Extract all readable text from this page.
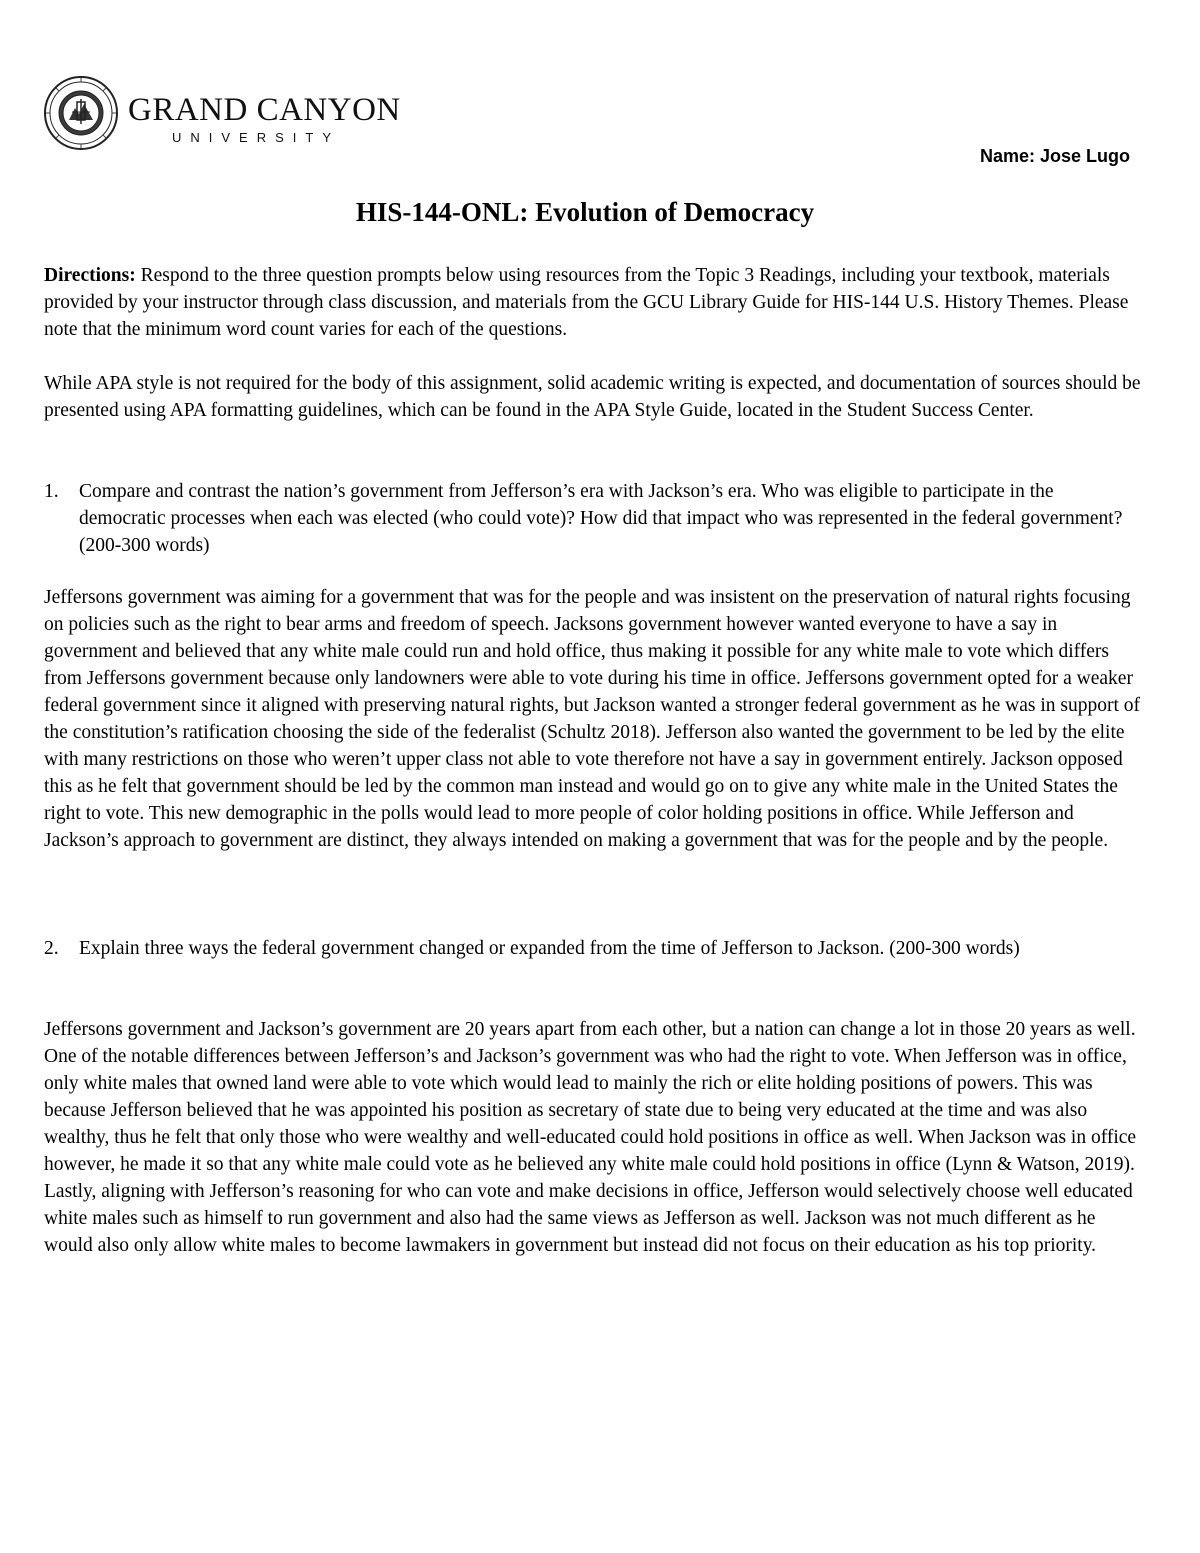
GRAND CANYON
UNIVERSITY
Name: Jose Lugo
HIS-144-ONL: Evolution of Democracy

Directions: Respond to the three question prompts below using resources from the Topic 3 Readings, including your textbook, materials provided by your instructor through class discussion, and materials from the GCU Library Guide for HIS-144 U.S. History Themes. Please note that the minimum word count varies for each of the questions.

While APA style is not required for the body of this assignment, solid academic writing is expected, and documentation of sources should be presented using APA formatting guidelines, which can be found in the APA Style Guide, located in the Student Success Center.

1. Compare and contrast the nation’s government from Jefferson’s era with Jackson’s era. Who was eligible to participate in the democratic processes when each was elected (who could vote)? How did that impact who was represented in the federal government? (200-300 words)

Jeffersons government was aiming for a government that was for the people and was insistent on the preservation of natural rights focusing on policies such as the right to bear arms and freedom of speech. Jacksons government however wanted everyone to have a say in government and believed that any white male could run and hold office, thus making it possible for any white male to vote which differs from Jeffersons government because only landowners were able to vote during his time in office. Jeffersons government opted for a weaker federal government since it aligned with preserving natural rights, but Jackson wanted a stronger federal government as he was in support of the constitution’s ratification choosing the side of the federalist (Schultz 2018). Jefferson also wanted the government to be led by the elite with many restrictions on those who weren’t upper class not able to vote therefore not have a say in government entirely. Jackson opposed this as he felt that government should be led by the common man instead and would go on to give any white male in the United States the right to vote. This new demographic in the polls would lead to more people of color holding positions in office. While Jefferson and Jackson’s approach to government are distinct, they always intended on making a government that was for the people and by the people.

2. Explain three ways the federal government changed or expanded from the time of Jefferson to Jackson. (200-300 words)

Jeffersons government and Jackson’s government are 20 years apart from each other, but a nation can change a lot in those 20 years as well. One of the notable differences between Jefferson’s and Jackson’s government was who had the right to vote. When Jefferson was in office, only white males that owned land were able to vote which would lead to mainly the rich or elite holding positions of powers. This was because Jefferson believed that he was appointed his position as secretary of state due to being very educated at the time and was also wealthy, thus he felt that only those who were wealthy and well-educated could hold positions in office as well. When Jackson was in office however, he made it so that any white male could vote as he believed any white male could hold positions in office (Lynn & Watson, 2019). Lastly, aligning with Jefferson’s reasoning for who can vote and make decisions in office, Jefferson would selectively choose well educated white males such as himself to run government and also had the same views as Jefferson as well. Jackson was not much different as he would also only allow white males to become lawmakers in government but instead did not focus on their education as his top priority.
